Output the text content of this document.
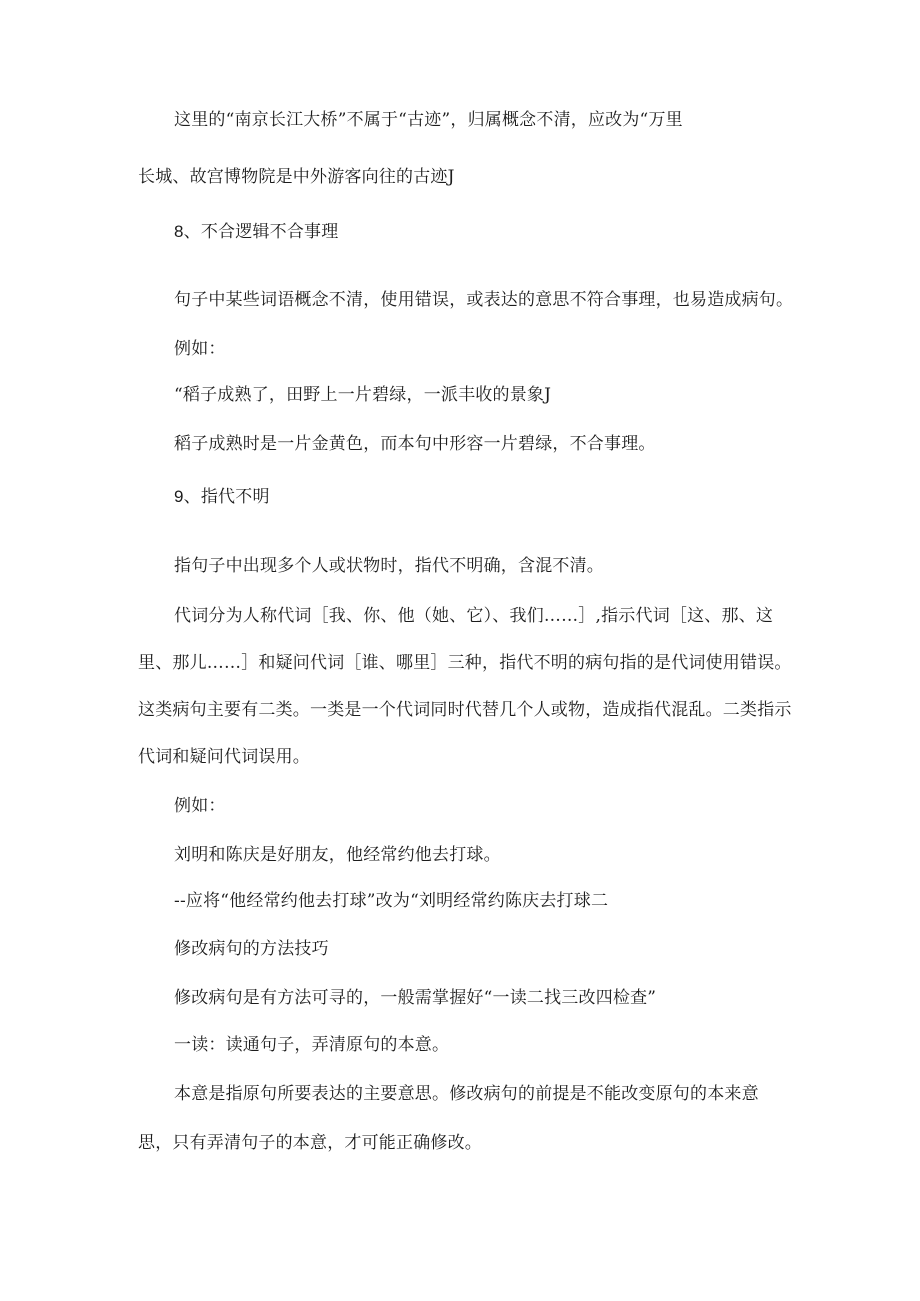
这里的“南京长江大桥”不属于“古迹”，归属概念不清，应改为“万里
长城、故宫博物院是中外游客向往的古迹J
8、不合逻辑不合事理
句子中某些词语概念不清，使用错误，或表达的意思不符合事理，也易造成病句。
例如：
“稻子成熟了，田野上一片碧绿，一派丰收的景象J
稻子成熟时是一片金黄色，而本句中形容一片碧绿，不合事理。
9、指代不明
指句子中出现多个人或状物时，指代不明确，含混不清。
代词分为人称代词［我、你、他（她、它）、我们……］,指示代词［这、那、这
里、那儿……］和疑问代词［谁、哪里］三种，指代不明的病句指的是代词使用错误。
这类病句主要有二类。一类是一个代词同时代替几个人或物，造成指代混乱。二类指示
代词和疑问代词误用。
例如：
刘明和陈庆是好朋友，他经常约他去打球。
--应将“他经常约他去打球”改为“刘明经常约陈庆去打球二
修改病句的方法技巧
修改病句是有方法可寻的，一般需掌握好“一读二找三改四检查”
一读：读通句子，弄清原句的本意。
本意是指原句所要表达的主要意思。修改病句的前提是不能改变原句的本来意
思，只有弄清句子的本意，才可能正确修改。
